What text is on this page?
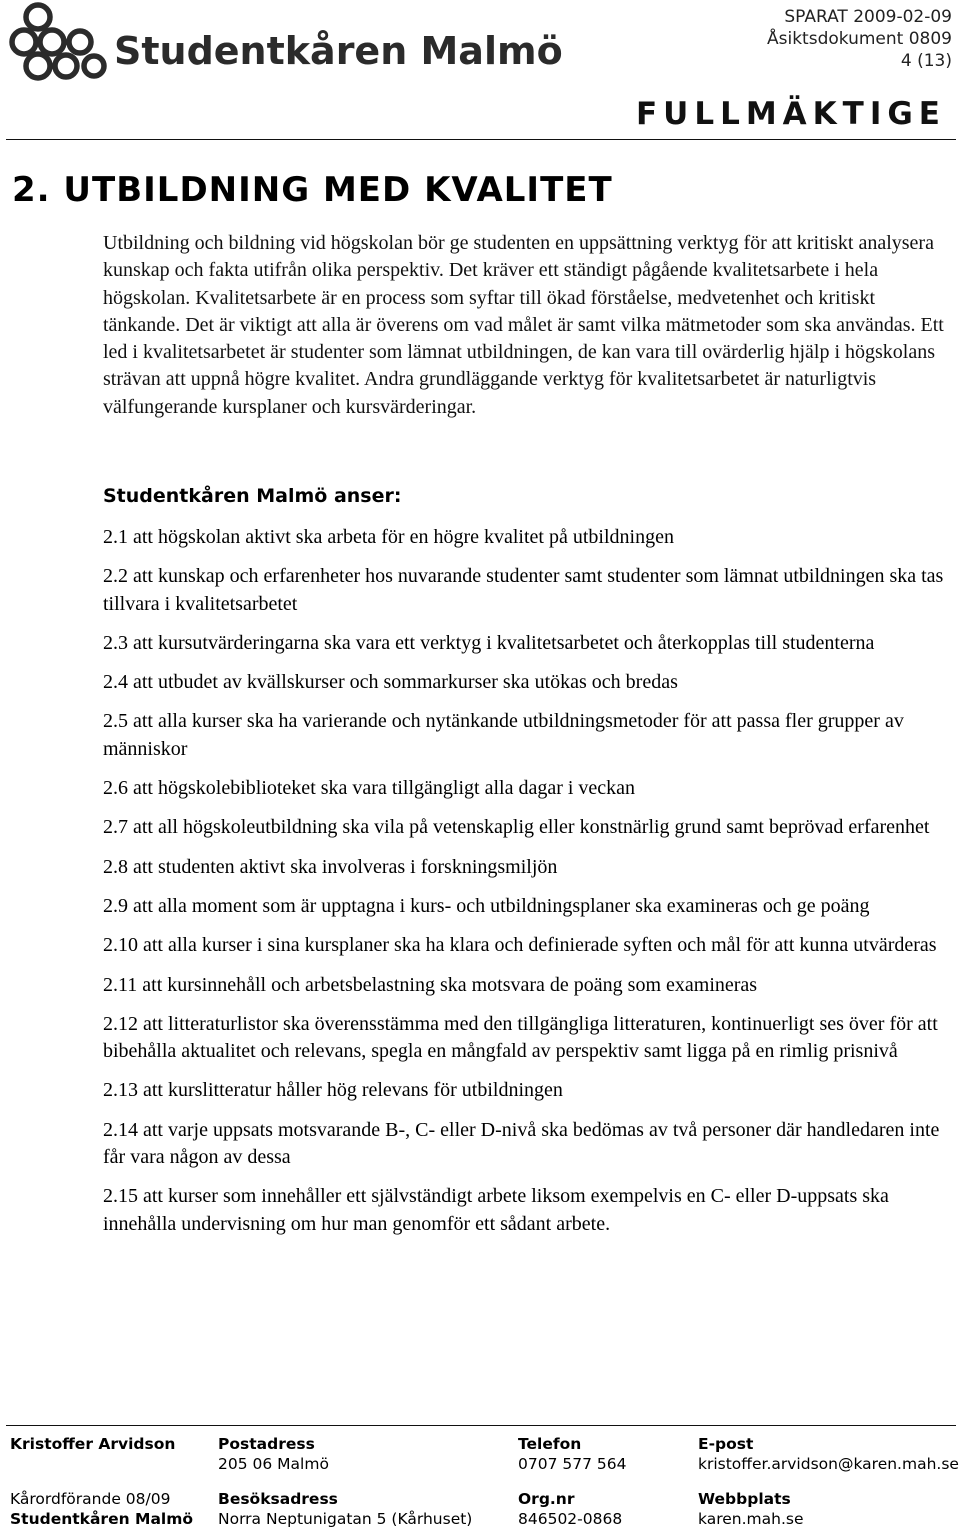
Studentkåren Malmö
SPARAT 2009-02-09
Åsiktsdokument 0809
4 (13)
FULLMÄKTIGE
2. UTBILDNING MED KVALITET
Utbildning och bildning vid högskolan bör ge studenten en uppsättning verktyg för att kritiskt analysera kunskap och fakta utifrån olika perspektiv. Det kräver ett ständigt pågående kvalitetsarbete i hela högskolan. Kvalitetsarbete är en process som syftar till ökad förståelse, medvetenhet och kritiskt tänkande. Det är viktigt att alla är överens om vad målet är samt vilka mätmetoder som ska användas. Ett led i kvalitetsarbetet är studenter som lämnat utbildningen, de kan vara till ovärderlig hjälp i högskolans strävan att uppnå högre kvalitet. Andra grundläggande verktyg för kvalitetsarbetet är naturligtvis välfungerande kursplaner och kursvärderingar.
Studentkåren Malmö anser:
2.1 att högskolan aktivt ska arbeta för en högre kvalitet på utbildningen
2.2 att kunskap och erfarenheter hos nuvarande studenter samt studenter som lämnat utbildningen ska tas tillvara i kvalitetsarbetet
2.3 att kursutvärderingarna ska vara ett verktyg i kvalitetsarbetet och återkopplas till studenterna
2.4 att utbudet av kvällskurser och sommarkurser ska utökas och bredas
2.5 att alla kurser ska ha varierande och nytänkande utbildningsmetoder för att passa fler grupper av människor
2.6 att högskolebiblioteket ska vara tillgängligt alla dagar i veckan
2.7 att all högskoleutbildning ska vila på vetenskaplig eller konstnärlig grund samt beprövad erfarenhet
2.8 att studenten aktivt ska involveras i forskningsmiljön
2.9 att alla moment som är upptagna i kurs- och utbildningsplaner ska examineras och ge poäng
2.10 att alla kurser i sina kursplaner ska ha klara och definierade syften och mål för att kunna utvärderas
2.11 att kursinnehåll och arbetsbelastning ska motsvara de poäng som examineras
2.12 att litteraturlistor ska överensstämma med den tillgängliga litteraturen, kontinuerligt ses över för att bibehålla aktualitet och relevans, spegla en mångfald av perspektiv samt ligga på en rimlig prisnivå
2.13 att kurslitteratur håller hög relevans för utbildningen
2.14 att varje uppsats motsvarande B-, C- eller D-nivå ska bedömas av två personer där handledaren inte får vara någon av dessa
2.15 att kurser som innehåller ett självständigt arbete liksom exempelvis en C- eller D-uppsats ska innehålla undervisning om hur man genomför ett sådant arbete.
Kristoffer Arvidson
Kårordförande 08/09
Studentkåren Malmö
Postadress
205 06 Malmö
Besöksadress
Norra Neptunigatan 5 (Kårhuset)
Telefon
0707 577 564
Org.nr
846502-0868
E-post
kristoffer.arvidson@karen.mah.se
Webbplats
karen.mah.se
